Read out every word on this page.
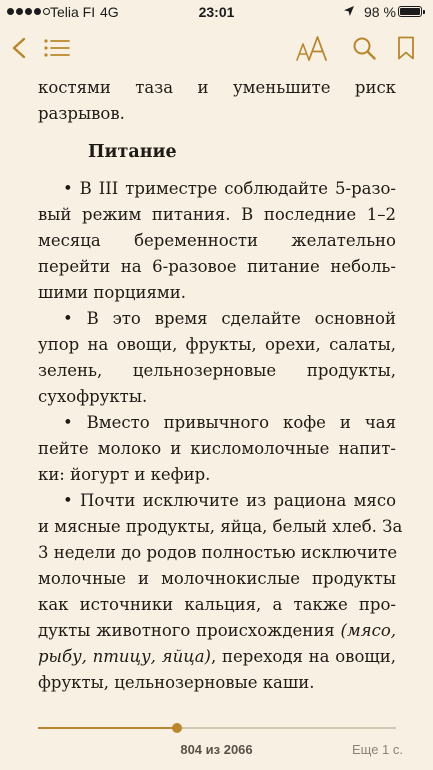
Telia FI 4G	23:01	98 %
костями таза и уменьшите риск
разрывов.
Питание
• В III триместре соблюдайте 5-разо-
вый режим питания. В последние 1–2
месяца беременности желательно
перейти на 6-разовое питание неболь-
шими порциями.
• В это время сделайте основной
упор на овощи, фрукты, орехи, салаты,
зелень, цельнозерновые продукты,
сухофрукты.
• Вместо привычного кофе и чая
пейте молоко и кисломолочные напит-
ки: йогурт и кефир.
• Почти исключите из рациона мясо
и мясные продукты, яйца, белый хлеб. За
3 недели до родов полностью исключите
молочные и молочнокислые продукты
как источники кальция, а также про-
дукты животного происхождения (мясо,
рыбу, птицу, яйца), переходя на овощи,
фрукты, цельнозерновые каши.
804 из 2066	Еще 1 с.
